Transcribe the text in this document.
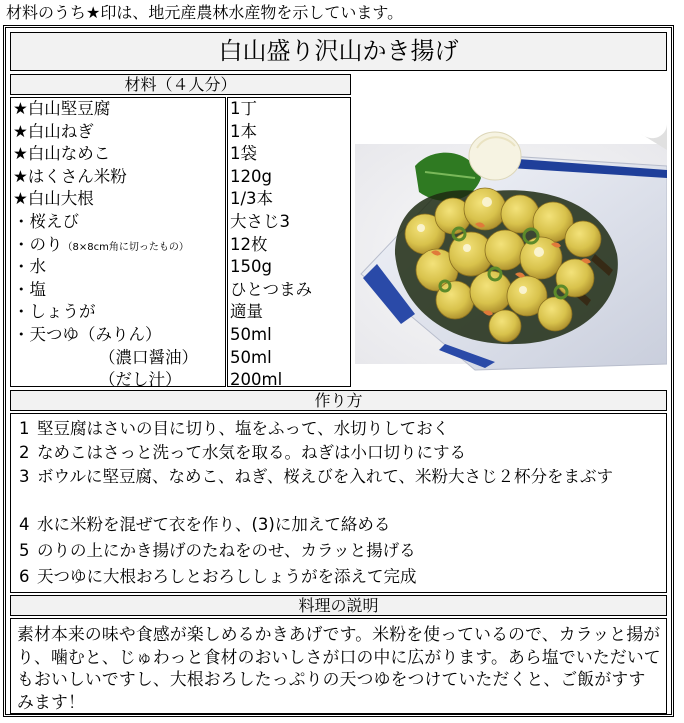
材料のうち★印は、地元産農林水産物を示しています。
白山盛り沢山かき揚げ
材料（４人分）
★白山堅豆腐
★白山ねぎ
★白山なめこ
★はくさん米粉
★白山大根
・桜えび
・のり（8×8cm角に切ったもの）
・水
・塩
・しょうが
・天つゆ（みりん）
（濃口醤油）
（だし汁）
1丁
1本
1袋
120g
1/3本
大さじ3
12枚
150g
ひとつまみ
適量
50ml
50ml
200ml
作り方
1 堅豆腐はさいの目に切り、塩をふって、水切りしておく
2 なめこはさっと洗って水気を取る。ねぎは小口切りにする
3 ボウルに堅豆腐、なめこ、ねぎ、桜えびを入れて、米粉大さじ２杯分をまぶす
4 水に米粉を混ぜて衣を作り、(3)に加えて絡める
5 のりの上にかき揚げのたねをのせ、カラッと揚げる
6 天つゆに大根おろしとおろししょうがを添えて完成
料理の説明
素材本来の味や食感が楽しめるかきあげです。米粉を使っているので、カラッと揚がり、噛むと、じゅわっと食材のおいしさが口の中に広がります。あら塩でいただいてもおいしいですし、大根おろしたっぷりの天つゆをつけていただくと、ご飯がすすみます！
